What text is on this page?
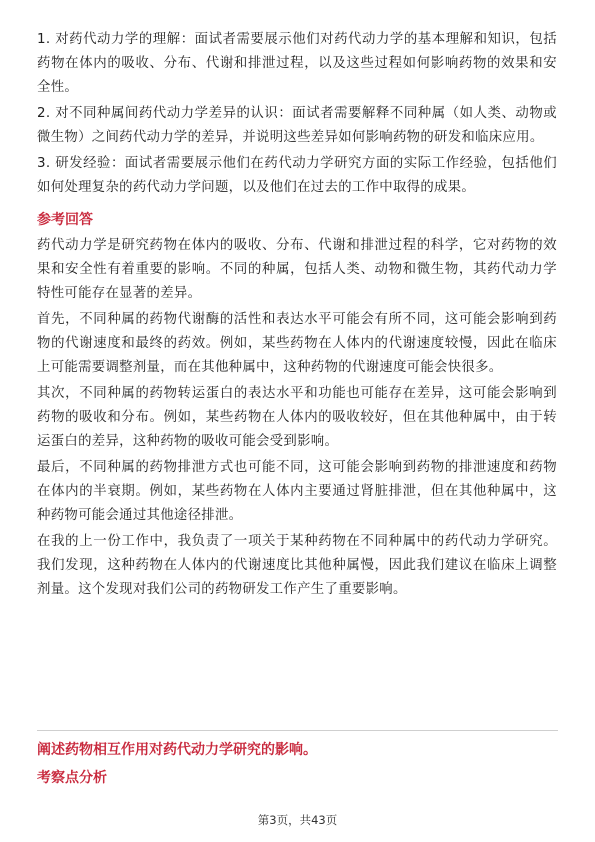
1. 对药代动力学的理解：面试者需要展示他们对药代动力学的基本理解和知识，包括药物在体内的吸收、分布、代谢和排泄过程，以及这些过程如何影响药物的效果和安全性。

2. 对不同种属间药代动力学差异的认识：面试者需要解释不同种属（如人类、动物或微生物）之间药代动力学的差异，并说明这些差异如何影响药物的研发和临床应用。

3. 研发经验：面试者需要展示他们在药代动力学研究方面的实际工作经验，包括他们如何处理复杂的药代动力学问题，以及他们在过去的工作中取得的成果。

参考回答

药代动力学是研究药物在体内的吸收、分布、代谢和排泄过程的科学，它对药物的效果和安全性有着重要的影响。不同的种属，包括人类、动物和微生物，其药代动力学特性可能存在显著的差异。

首先，不同种属的药物代谢酶的活性和表达水平可能会有所不同，这可能会影响到药物的代谢速度和最终的药效。例如，某些药物在人体内的代谢速度较慢，因此在临床上可能需要调整剂量，而在其他种属中，这种药物的代谢速度可能会快很多。

其次，不同种属的药物转运蛋白的表达水平和功能也可能存在差异，这可能会影响到药物的吸收和分布。例如，某些药物在人体内的吸收较好，但在其他种属中，由于转运蛋白的差异，这种药物的吸收可能会受到影响。

最后，不同种属的药物排泄方式也可能不同，这可能会影响到药物的排泄速度和药物在体内的半衰期。例如，某些药物在人体内主要通过肾脏排泄，但在其他种属中，这种药物可能会通过其他途径排泄。

在我的上一份工作中，我负责了一项关于某种药物在不同种属中的药代动力学研究。我们发现，这种药物在人体内的代谢速度比其他种属慢，因此我们建议在临床上调整剂量。这个发现对我们公司的药物研发工作产生了重要影响。

阐述药物相互作用对药代动力学研究的影响。
考察点分析
第3页，共43页
